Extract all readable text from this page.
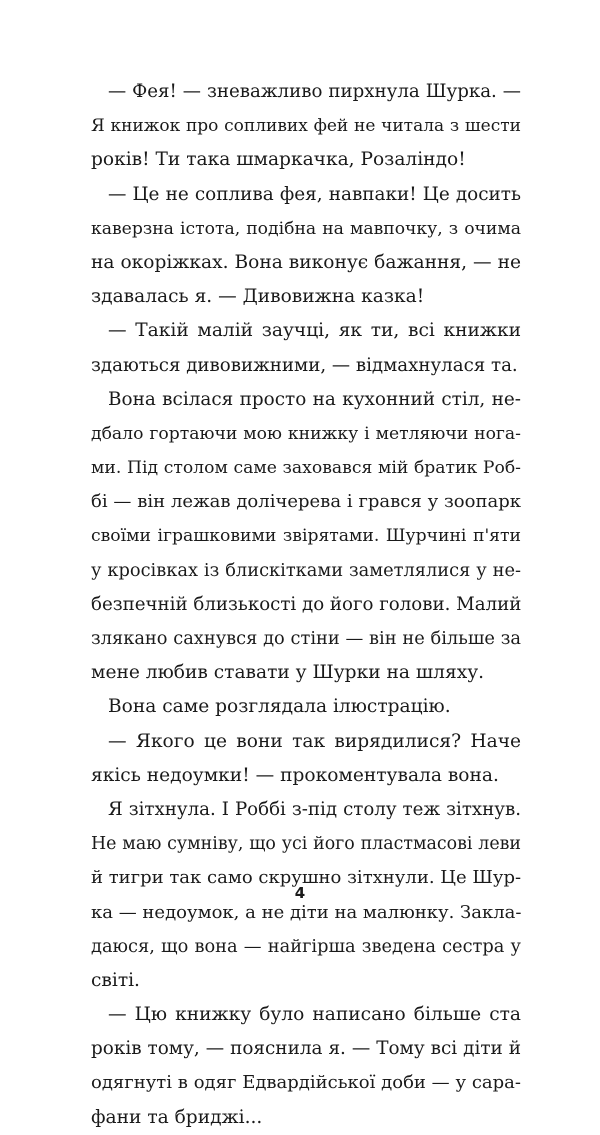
— Фея! — зневажливо пирхнула Шурка. —
Я книжок про сопливих фей не читала з шести
років! Ти така шмаркачка, Розаліндо!
— Це не соплива фея, навпаки! Це досить
каверзна істота, подібна на мавпочку, з очима
на окоріжках. Вона виконує бажання, — не
здавалась я. — Дивовижна казка!
— Такій малій заучці, як ти, всі книжки
здаються дивовижними, — відмахнулася та.
Вона всілася просто на кухонний стіл, не-
дбало гортаючи мою книжку і метляючи нога-
ми. Під столом саме заховався мій братик Роб-
бі — він лежав долічерева і грався у зоопарк
своїми іграшковими звірятами. Шурчині п'яти
у кросівках із блискітками заметлялися у не-
безпечній близькості до його голови. Малий
злякано сахнувся до стіни — він не більше за
мене любив ставати у Шурки на шляху.
Вона саме розглядала ілюстрацію.
— Якого це вони так вирядилися? Наче
якісь недоумки! — прокоментувала вона.
Я зітхнула. І Роббі з-під столу теж зітхнув.
Не маю сумніву, що усі його пластмасові леви
й тигри так само скрушно зітхнули. Це Шур-
ка — недоумок, а не діти на малюнку. Закла-
даюся, що вона — найгірша зведена сестра у
світі.
— Цю книжку було написано більше ста
років тому, — пояснила я. — Тому всі діти й
одягнуті в одяг Едвардійської доби — у сара-
фани та бриджі...
4
